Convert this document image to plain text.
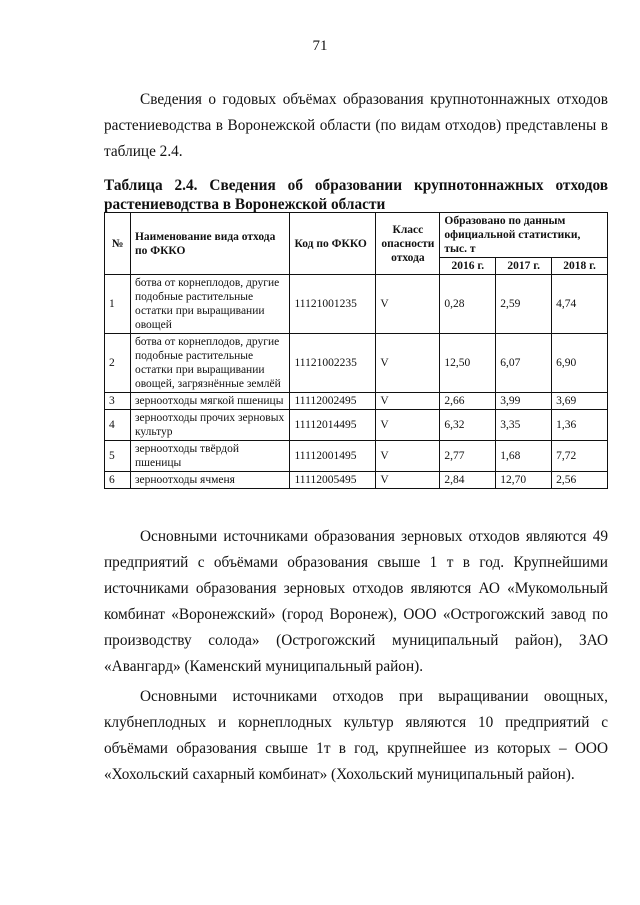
71

Сведения о годовых объёмах образования крупнотоннажных отходов растениеводства в Воронежской области (по видам отходов) представлены в таблице 2.4.

Таблица 2.4. Сведения об образовании крупнотоннажных отходов растениеводства в Воронежской области

№	Наименование вида отхода по ФККО	Код по ФККО	Класс опасности отхода	Образовано по данным официальной статистики, тыс. т		
				2016 г.	2017 г.	2018 г.
1	ботва от корнеплодов, другие подобные растительные остатки при выращивании овощей	11121001235	V	0,28	2,59	4,74
2	ботва от корнеплодов, другие подобные растительные остатки при выращивании овощей, загрязнённые землёй	11121002235	V	12,50	6,07	6,90
3	зерноотходы мягкой пшеницы	11112002495	V	2,66	3,99	3,69
4	зерноотходы прочих зерновых культур	11112014495	V	6,32	3,35	1,36
5	зерноотходы твёрдой пшеницы	11112001495	V	2,77	1,68	7,72
6	зерноотходы ячменя	11112005495	V	2,84	12,70	2,56

Основными источниками образования зерновых отходов являются 49 предприятий с объёмами образования свыше 1 т в год. Крупнейшими источниками образования зерновых отходов являются АО «Мукомольный комбинат «Воронежский» (город Воронеж), ООО «Острогожский завод по производству солода» (Острогожский муниципальный район), ЗАО «Авангард» (Каменский муниципальный район).

Основными источниками отходов при выращивании овощных, клубнеплодных и корнеплодных культур являются 10 предприятий с объёмами образования свыше 1т в год, крупнейшее из которых – ООО «Хохольский сахарный комбинат» (Хохольский муниципальный район).
